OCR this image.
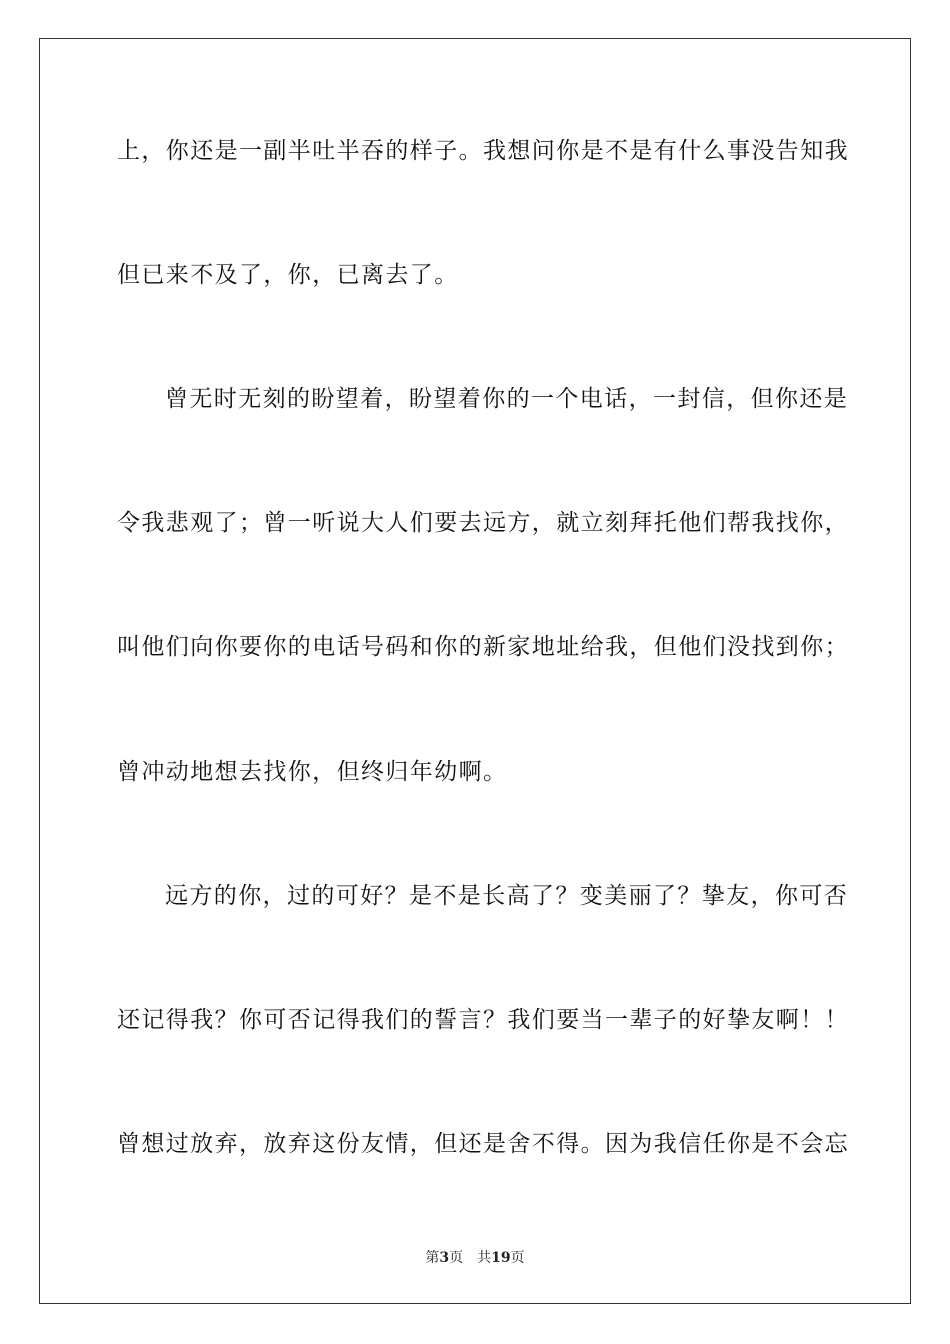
上，你还是一副半吐半吞的样子。我想问你是不是有什么事没告知我
但已来不及了，你，已离去了。
曾无时无刻的盼望着，盼望着你的一个电话，一封信，但你还是
令我悲观了；曾一听说大人们要去远方，就立刻拜托他们帮我找你，
叫他们向你要你的电话号码和你的新家地址给我，但他们没找到你；
曾冲动地想去找你，但终归年幼啊。
远方的你，过的可好？是不是长高了？变美丽了？挚友，你可否
还记得我？你可否记得我们的誓言？我们要当一辈子的好挚友啊！！
曾想过放弃，放弃这份友情，但还是舍不得。因为我信任你是不会忘
第3页 共19页
